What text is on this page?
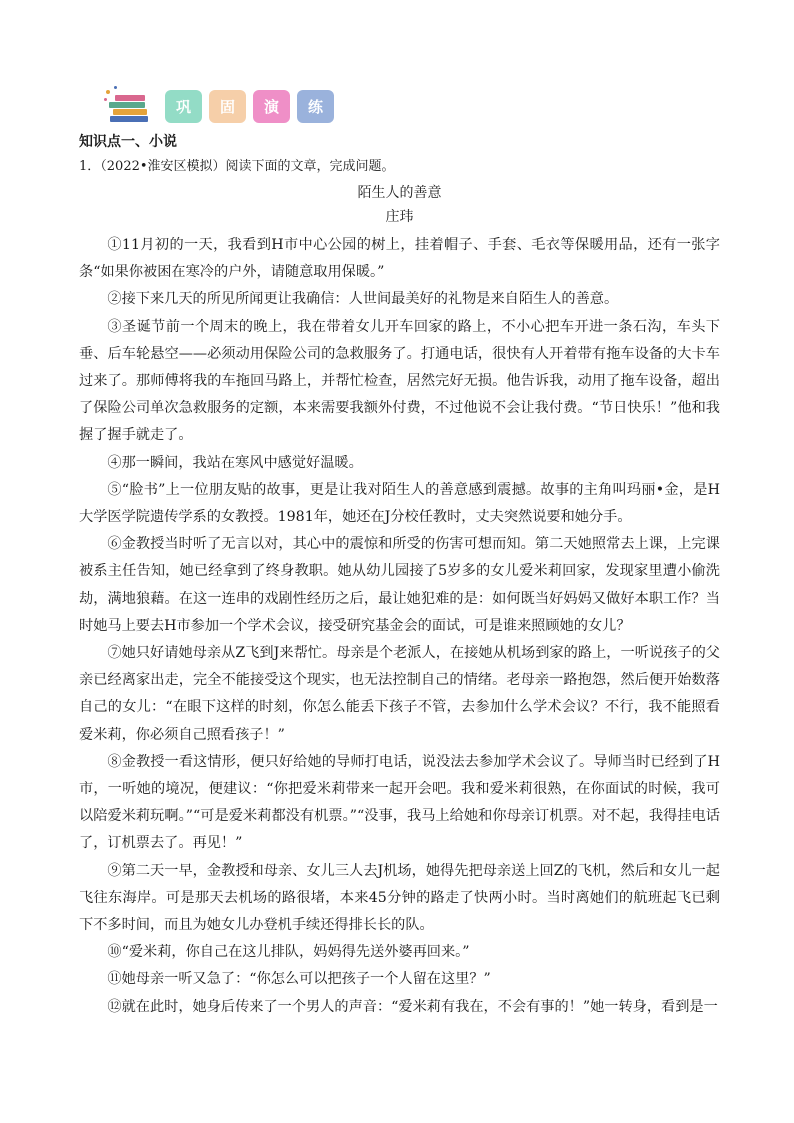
巩 固 演 练

知识点一、小说

1．（2022•淮安区模拟）阅读下面的文章，完成问题。

陌生人的善意

庄玮

①11月初的一天，我看到H市中心公园的树上，挂着帽子、手套、毛衣等保暖用品，还有一张字条“如果你被困在寒冷的户外，请随意取用保暖。”

②接下来几天的所见所闻更让我确信：人世间最美好的礼物是来自陌生人的善意。

③圣诞节前一个周末的晚上，我在带着女儿开车回家的路上，不小心把车开进一条石沟，车头下垂、后车轮悬空——必须动用保险公司的急救服务了。打通电话，很快有人开着带有拖车设备的大卡车过来了。那师傅将我的车拖回马路上，并帮忙检查，居然完好无损。他告诉我，动用了拖车设备，超出了保险公司单次急救服务的定额，本来需要我额外付费，不过他说不会让我付费。“节日快乐！”他和我握了握手就走了。

④那一瞬间，我站在寒风中感觉好温暖。

⑤“脸书”上一位朋友贴的故事，更是让我对陌生人的善意感到震撼。故事的主角叫玛丽•金，是H大学医学院遗传学系的女教授。1981年，她还在J分校任教时，丈夫突然说要和她分手。

⑥金教授当时听了无言以对，其心中的震惊和所受的伤害可想而知。第二天她照常去上课，上完课被系主任告知，她已经拿到了终身教职。她从幼儿园接了5岁多的女儿爱米莉回家，发现家里遭小偷洗劫，满地狼藉。在这一连串的戏剧性经历之后，最让她犯难的是：如何既当好妈妈又做好本职工作？当时她马上要去H市参加一个学术会议，接受研究基金会的面试，可是谁来照顾她的女儿？

⑦她只好请她母亲从Z飞到J来帮忙。母亲是个老派人，在接她从机场到家的路上，一听说孩子的父亲已经离家出走，完全不能接受这个现实，也无法控制自己的情绪。老母亲一路抱怨，然后便开始数落自己的女儿：“在眼下这样的时刻，你怎么能丢下孩子不管，去参加什么学术会议？不行，我不能照看爱米莉，你必须自己照看孩子！”

⑧金教授一看这情形，便只好给她的导师打电话，说没法去参加学术会议了。导师当时已经到了H市，一听她的境况，便建议：“你把爱米莉带来一起开会吧。我和爱米莉很熟，在你面试的时候，我可以陪爱米莉玩啊。”“可是爱米莉都没有机票。”“没事，我马上给她和你母亲订机票。对不起，我得挂电话了，订机票去了。再见！”

⑨第二天一早，金教授和母亲、女儿三人去J机场，她得先把母亲送上回Z的飞机，然后和女儿一起飞往东海岸。可是那天去机场的路很堵，本来45分钟的路走了快两小时。当时离她们的航班起飞已剩下不多时间，而且为她女儿办登机手续还得排长长的队。

⑩“爱米莉，你自己在这儿排队，妈妈得先送外婆再回来。”

⑪她母亲一听又急了：“你怎么可以把孩子一个人留在这里？”

⑫就在此时，她身后传来了一个男人的声音：“爱米莉有我在，不会有事的！”她一转身，看到是一
